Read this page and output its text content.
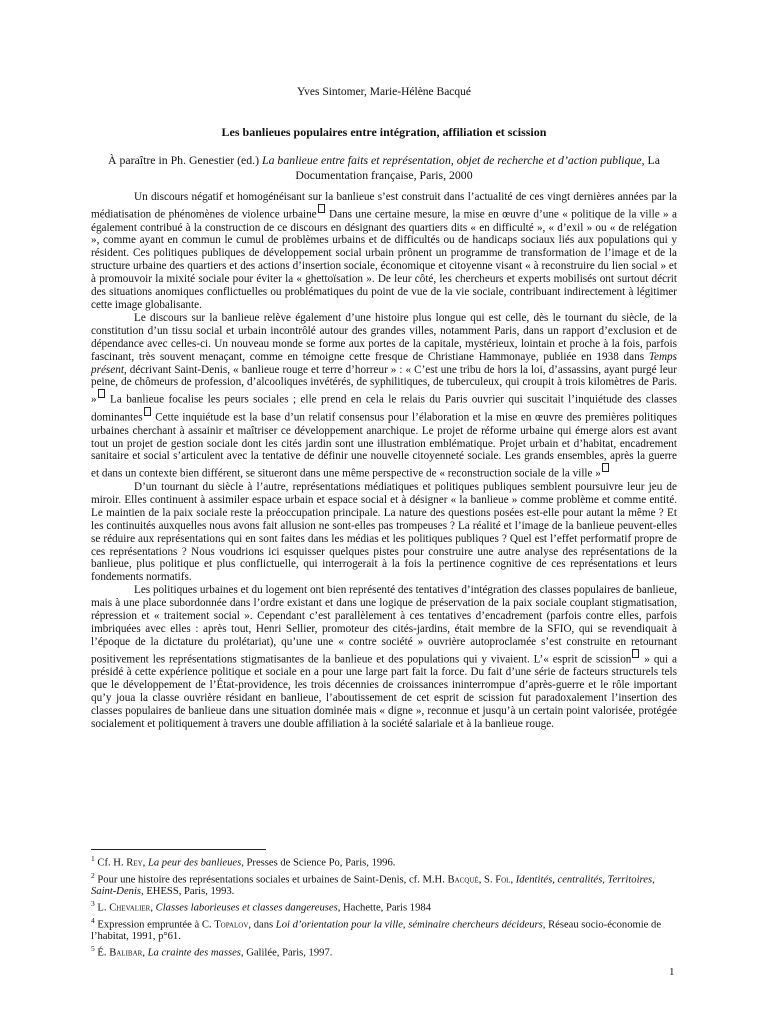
Yves Sintomer, Marie-Hélène Bacqué
Les banlieues populaires entre intégration, affiliation et scission
À paraître in Ph. Genestier (ed.) La banlieue entre faits et représentation, objet de recherche et d’action publique, La Documentation française, Paris, 2000

Un discours négatif et homogénéisant sur la banlieue s’est construit dans l’actualité de ces vingt dernières années par la médiatisation de phénomènes de violence urbaine Dans une certaine mesure, la mise en œuvre d’une « politique de la ville » a également contribué à la construction de ce discours en désignant des quartiers dits « en difficulté », « d’exil » ou « de relégation », comme ayant en commun le cumul de problèmes urbains et de difficultés ou de handicaps sociaux liés aux populations qui y résident. Ces politiques publiques de développement social urbain prônent un programme de transformation de l’image et de la structure urbaine des quartiers et des actions d’insertion sociale, économique et citoyenne visant « à reconstruire du lien social » et à promouvoir la mixité sociale pour éviter la « ghettoïsation ». De leur côté, les chercheurs et experts mobilisés ont surtout décrit des situations anomiques conflictuelles ou problématiques du point de vue de la vie sociale, contribuant indirectement à légitimer cette image globalisante.

Le discours sur la banlieue relève également d’une histoire plus longue qui est celle, dès le tournant du siècle, de la constitution d’un tissu social et urbain incontrôlé autour des grandes villes, notamment Paris, dans un rapport d’exclusion et de dépendance avec celles-ci. Un nouveau monde se forme aux portes de la capitale, mystérieux, lointain et proche à la fois, parfois fascinant, très souvent menaçant, comme en témoigne cette fresque de Christiane Hammonaye, publiée en 1938 dans Temps présent, décrivant Saint-Denis, « banlieue rouge et terre d’horreur » : « C’est une tribu de hors la loi, d’assassins, ayant purgé leur peine, de chômeurs de profession, d’alcooliques invétérés, de syphilitiques, de tuberculeux, qui croupit à trois kilomètres de Paris. » La banlieue focalise les peurs sociales ; elle prend en cela le relais du Paris ouvrier qui suscitait l’inquiétude des classes dominantes Cette inquiétude est la base d’un relatif consensus pour l’élaboration et la mise en œuvre des premières politiques urbaines cherchant à assainir et maîtriser ce développement anarchique. Le projet de réforme urbaine qui émerge alors est avant tout un projet de gestion sociale dont les cités jardin sont une illustration emblématique. Projet urbain et d’habitat, encadrement sanitaire et social s’articulent avec la tentative de définir une nouvelle citoyenneté sociale. Les grands ensembles, après la guerre et dans un contexte bien différent, se situeront dans une même perspective de « reconstruction sociale de la ville »

D’un tournant du siècle à l’autre, représentations médiatiques et politiques publiques semblent poursuivre leur jeu de miroir. Elles continuent à assimiler espace urbain et espace social et à désigner « la banlieue » comme problème et comme entité. Le maintien de la paix sociale reste la préoccupation principale. La nature des questions posées est-elle pour autant la même ? Et les continuités auxquelles nous avons fait allusion ne sont-elles pas trompeuses ? La réalité et l’image de la banlieue peuvent-elles se réduire aux représentations qui en sont faites dans les médias et les politiques publiques ? Quel est l’effet performatif propre de ces représentations ? Nous voudrions ici esquisser quelques pistes pour construire une autre analyse des représentations de la banlieue, plus politique et plus conflictuelle, qui interrogerait à la fois la pertinence cognitive de ces représentations et leurs fondements normatifs.

Les politiques urbaines et du logement ont bien représenté des tentatives d’intégration des classes populaires de banlieue, mais à une place subordonnée dans l’ordre existant et dans une logique de préservation de la paix sociale couplant stigmatisation, répression et « traitement social ». Cependant c’est parallèlement à ces tentatives d’encadrement (parfois contre elles, parfois imbriquées avec elles : après tout, Henri Sellier, promoteur des cités-jardins, était membre de la SFIO, qui se revendiquait à l’époque de la dictature du prolétariat), qu’une une « contre société » ouvrière autoproclamée s’est construite en retournant positivement les représentations stigmatisantes de la banlieue et des populations qui y vivaient. L’« esprit de scission » qui a présidé à cette expérience politique et sociale en a pour une large part fait la force. Du fait d’une série de facteurs structurels tels que le développement de l’État-providence, les trois décennies de croissances ininterrompue d’après-guerre et le rôle important qu’y joua la classe ouvrière résidant en banlieue, l’aboutissement de cet esprit de scission fut paradoxalement l’insertion des classes populaires de banlieue dans une situation dominée mais « digne », reconnue et jusqu’à un certain point valorisée, protégée socialement et politiquement à travers une double affiliation à la société salariale et à la banlieue rouge.

$^1$ Cf. H. Rey, La peur des banlieues, Presses de Science Po, Paris, 1996.

$^2$ Pour une histoire des représentations sociales et urbaines de Saint-Denis, cf. M.H. Bacqué, S. Fol, Identités, centralités, Territoires, Saint-Denis, EHESS, Paris, 1993.

$^3$ L. Chevalier, Classes laborieuses et classes dangereuses, Hachette, Paris 1984

$^4$ Expression empruntée à C. Topalov, dans Loi d’orientation pour la ville, séminaire chercheurs décideurs, Réseau socio-économie de l’habitat, 1991, p°61.

$^5$ É. Balibar, La crainte des masses, Galilée, Paris, 1997.

1
